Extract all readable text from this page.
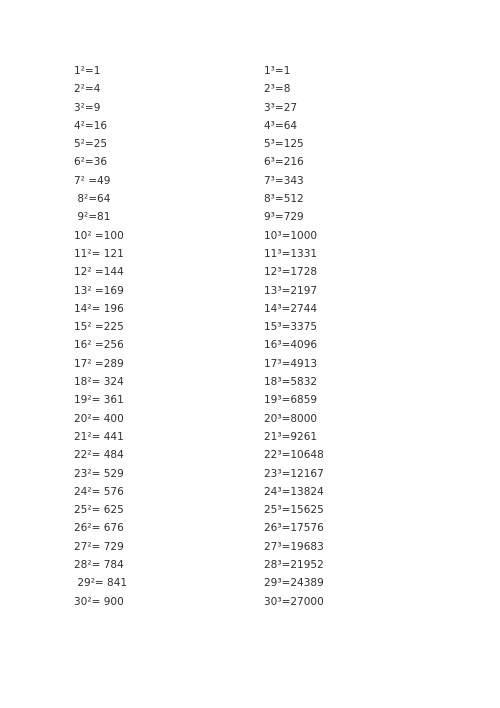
1²=1
2²=4
3²=9
4²=16
5²=25
6²=36
7² =49
8²=64
9²=81
10² =100
11²= 121
12² =144
13² =169
14²= 196
15² =225
16² =256
17² =289
18²= 324
19²= 361
20²= 400
21²= 441
22²= 484
23²= 529
24²= 576
25²= 625
26²= 676
27²= 729
28²= 784
29²= 841
30²= 900
1³=1
2³=8
3³=27
4³=64
5³=125
6³=216
7³=343
8³=512
9³=729
10³=1000
11³=1331
12³=1728
13³=2197
14³=2744
15³=3375
16³=4096
17³=4913
18³=5832
19³=6859
20³=8000
21³=9261
22³=10648
23³=12167
24³=13824
25³=15625
26³=17576
27³=19683
28³=21952
29³=24389
30³=27000
